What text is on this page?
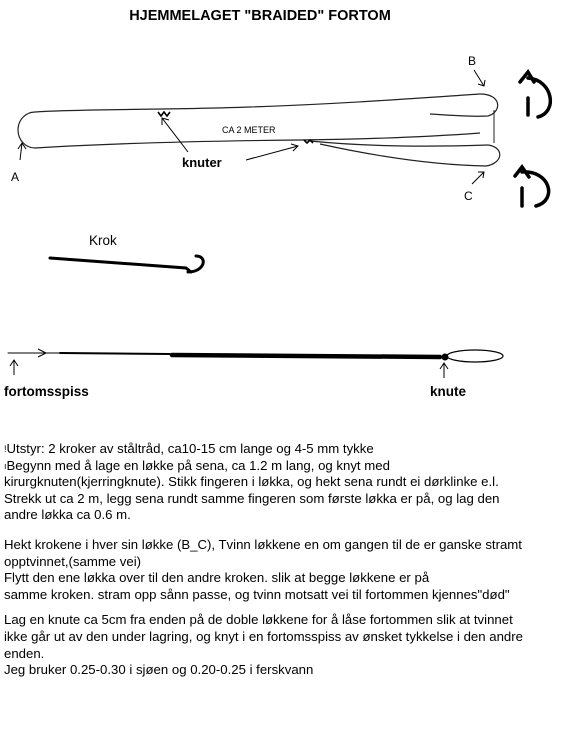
HJEMMELAGET "BRAIDED" FORTOM
CA 2 METER
A
B
C
knuter
Krok
fortomsspiss	knute

!Utstyr: 2 kroker av ståltråd, ca10-15 cm lange og 4-5 mm tykke

$^ı$Begynn med å lage en løkke på sena, ca 1.2 m lang, og knyt med

kirurgknuten(kjerringknute). Stikk fingeren i løkka, og hekt sena rundt ei dørklinke e.l.

Strekk ut ca 2 m, legg sena rundt samme fingeren som første løkka er på, og lag den

andre løkka ca 0.6 m.

Hekt krokene i hver sin løkke (B_C), Tvinn løkkene en om gangen til de er ganske stramt

opptvinnet,(samme vei)

Flytt den ene løkka over til den andre kroken. slik at begge løkkene er på

samme kroken. stram opp sånn passe, og tvinn motsatt vei til fortommen kjennes"død"

Lag en knute ca 5cm fra enden på de doble løkkene for å låse fortommen slik at tvinnet

ikke går ut av den under lagring, og knyt i en fortomsspiss av ønsket tykkelse i den andre

enden.

Jeg bruker 0.25-0.30 i sjøen og 0.20-0.25 i ferskvann
